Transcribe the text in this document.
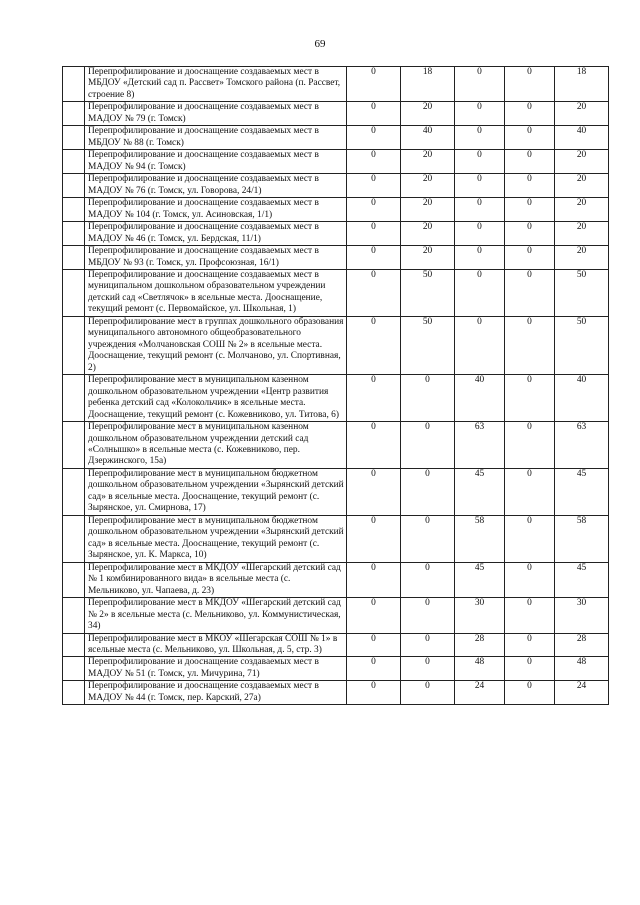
69
	Перепрофилирование и дооснащение создаваемых мест в МБДОУ «Детский сад п. Рассвет» Томского района (п. Рассвет, строение 8)	0	18	0	0	18
	Перепрофилирование и дооснащение создаваемых мест в МАДОУ № 79 (г. Томск)	0	20	0	0	20
	Перепрофилирование и дооснащение создаваемых мест в МБДОУ № 88 (г. Томск)	0	40	0	0	40
	Перепрофилирование и дооснащение создаваемых мест в МАДОУ № 94 (г. Томск)	0	20	0	0	20
	Перепрофилирование и дооснащение создаваемых мест в МАДОУ № 76 (г. Томск, ул. Говорова, 24/1)	0	20	0	0	20
	Перепрофилирование и дооснащение создаваемых мест в МАДОУ № 104 (г. Томск, ул. Асиновская, 1/1)	0	20	0	0	20
	Перепрофилирование и дооснащение создаваемых мест в МАДОУ № 46 (г. Томск, ул. Бердская, 11/1)	0	20	0	0	20
	Перепрофилирование и дооснащение создаваемых мест в МБДОУ № 93 (г. Томск, ул. Профсоюзная, 16/1)	0	20	0	0	20
	Перепрофилирование и дооснащение создаваемых мест в муниципальном дошкольном образовательном учреждении детский сад «Светлячок» в ясельные места. Дооснащение, текущий ремонт (с. Первомайское, ул. Школьная, 1)	0	50	0	0	50
	Перепрофилирование мест в группах дошкольного образования муниципального автономного общеобразовательного учреждения «Молчановская СОШ № 2» в ясельные места. Дооснащение, текущий ремонт (с. Молчаново, ул. Спортивная, 2)	0	50	0	0	50
	Перепрофилирование мест в муниципальном казенном дошкольном образовательном учреждении «Центр развития ребенка детский сад «Колокольчик» в ясельные места. Дооснащение, текущий ремонт (с. Кожевниково, ул. Титова, 6)	0	0	40	0	40
	Перепрофилирование мест в муниципальном казенном дошкольном образовательном учреждении детский сад «Солнышко» в ясельные места (с. Кожевниково, пер. Дзержинского, 15а)	0	0	63	0	63
	Перепрофилирование мест в муниципальном бюджетном дошкольном образовательном учреждении «Зырянский детский сад» в ясельные места. Дооснащение, текущий ремонт (с. Зырянское, ул. Смирнова, 17)	0	0	45	0	45
	Перепрофилирование мест в муниципальном бюджетном дошкольном образовательном учреждении «Зырянский детский сад» в ясельные места. Дооснащение, текущий ремонт (с. Зырянское, ул. К. Маркса, 10)	0	0	58	0	58
	Перепрофилирование мест в МКДОУ «Шегарский детский сад № 1 комбинированного вида» в ясельные места (с. Мельниково, ул. Чапаева, д. 23)	0	0	45	0	45
	Перепрофилирование мест в МКДОУ «Шегарский детский сад № 2» в ясельные места (с. Мельниково, ул. Коммунистическая, 34)	0	0	30	0	30
	Перепрофилирование мест в МКОУ «Шегарская СОШ № 1» в ясельные места (с. Мельниково, ул. Школьная, д. 5, стр. 3)	0	0	28	0	28
	Перепрофилирование и дооснащение создаваемых мест в МАДОУ № 51 (г. Томск, ул. Мичурина, 71)	0	0	48	0	48
	Перепрофилирование и дооснащение создаваемых мест в МАДОУ № 44 (г. Томск, пер. Карский, 27а)	0	0	24	0	24
